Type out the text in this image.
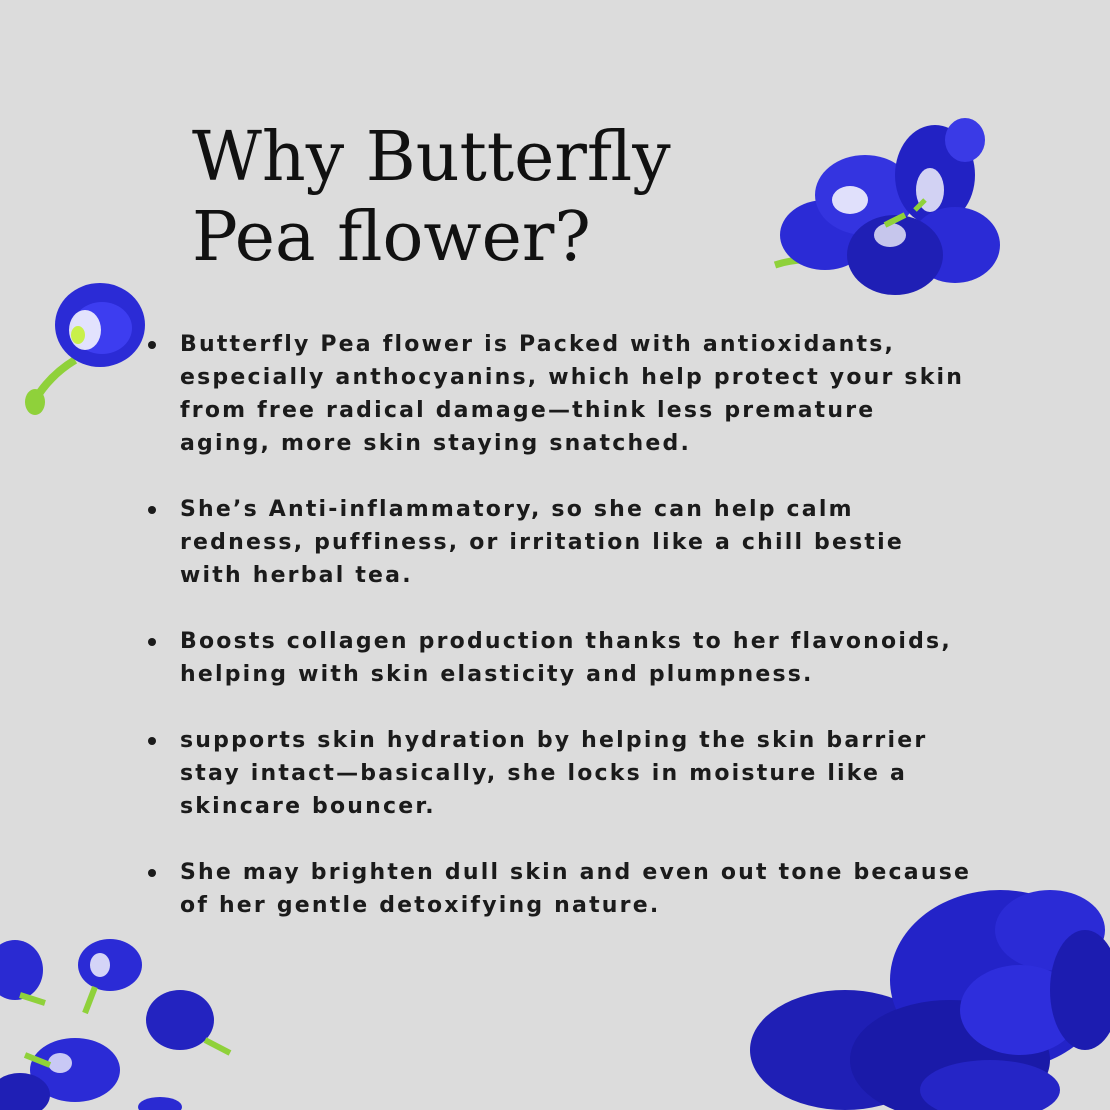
Why Butterfly
Pea flower?
Butterfly Pea flower is Packed with antioxidants, especially anthocyanins, which help protect your skin from free radical damage—think less premature aging, more skin staying snatched.
She’s Anti-inflammatory, so she can help calm redness, puffiness, or irritation like a chill bestie with herbal tea.
Boosts collagen production thanks to her flavonoids, helping with skin elasticity and plumpness.
supports skin hydration by helping the skin barrier stay intact—basically, she locks in moisture like a skincare bouncer.
She may brighten dull skin and even out tone because of her gentle detoxifying nature.
